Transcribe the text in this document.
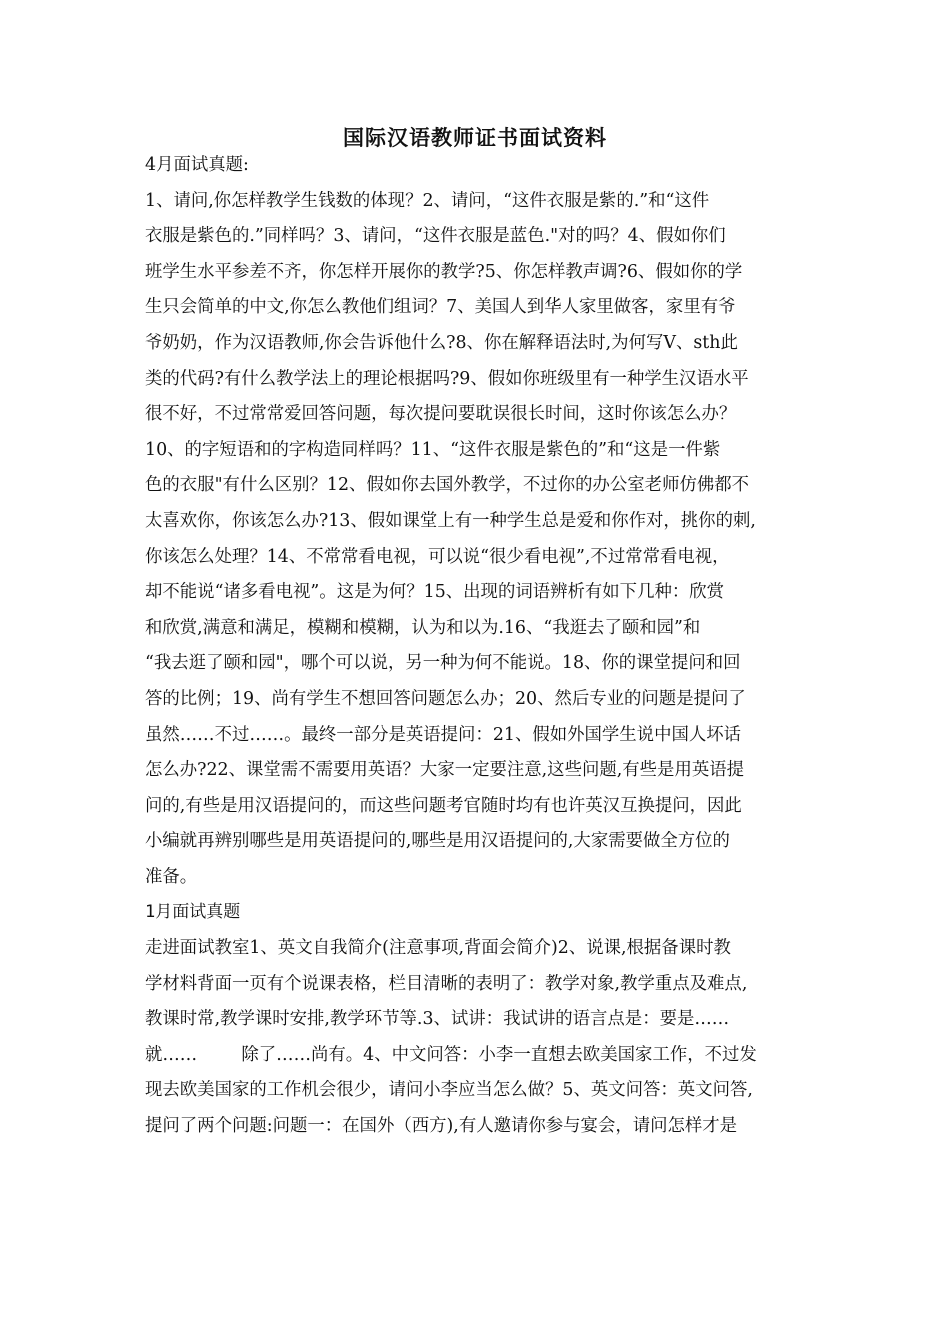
国际汉语教师证书面试资料
4月面试真题:
1、请问,你怎样教学生钱数的体现？2、请问，“这件衣服是紫的.”和“这件
衣服是紫色的.”同样吗？3、请问，“这件衣服是蓝色."对的吗？4、假如你们
班学生水平参差不齐，你怎样开展你的教学?5、你怎样教声调?6、假如你的学
生只会简单的中文,你怎么教他们组词？7、美国人到华人家里做客，家里有爷
爷奶奶，作为汉语教师,你会告诉他什么?8、你在解释语法时,为何写V、sth此
类的代码?有什么教学法上的理论根据吗?9、假如你班级里有一种学生汉语水平
很不好，不过常常爱回答问题，每次提问要耽误很长时间，这时你该怎么办？
10、的字短语和的字构造同样吗？11、“这件衣服是紫色的”和“这是一件紫
色的衣服"有什么区别？12、假如你去国外教学，不过你的办公室老师仿佛都不
太喜欢你，你该怎么办?13、假如课堂上有一种学生总是爱和你作对，挑你的刺,
你该怎么处理？14、不常常看电视，可以说“很少看电视”,不过常常看电视，
却不能说“诸多看电视”。这是为何？15、出现的词语辨析有如下几种：欣赏
和欣赏,满意和满足，模糊和模糊，认为和以为.16、“我逛去了颐和园”和
“我去逛了颐和园"，哪个可以说，另一种为何不能说。18、你的课堂提问和回
答的比例；19、尚有学生不想回答问题怎么办；20、然后专业的问题是提问了
虽然……不过……。最终一部分是英语提问：21、假如外国学生说中国人坏话
怎么办?22、课堂需不需要用英语？大家一定要注意,这些问题,有些是用英语提
问的,有些是用汉语提问的，而这些问题考官随时均有也许英汉互换提问，因此
小编就再辨别哪些是用英语提问的,哪些是用汉语提问的,大家需要做全方位的
准备。
1月面试真题
走进面试教室1、英文自我简介(注意事项,背面会简介)2、说课,根据备课时教
学材料背面一页有个说课表格，栏目清晰的表明了：教学对象,教学重点及难点,
教课时常,教学课时安排,教学环节等.3、试讲：我试讲的语言点是：要是……
就……        除了……尚有。4、中文问答：小李一直想去欧美国家工作，不过发
现去欧美国家的工作机会很少，请问小李应当怎么做？5、英文问答：英文问答,
提问了两个问题:问题一：在国外（西方),有人邀请你参与宴会，请问怎样才是
